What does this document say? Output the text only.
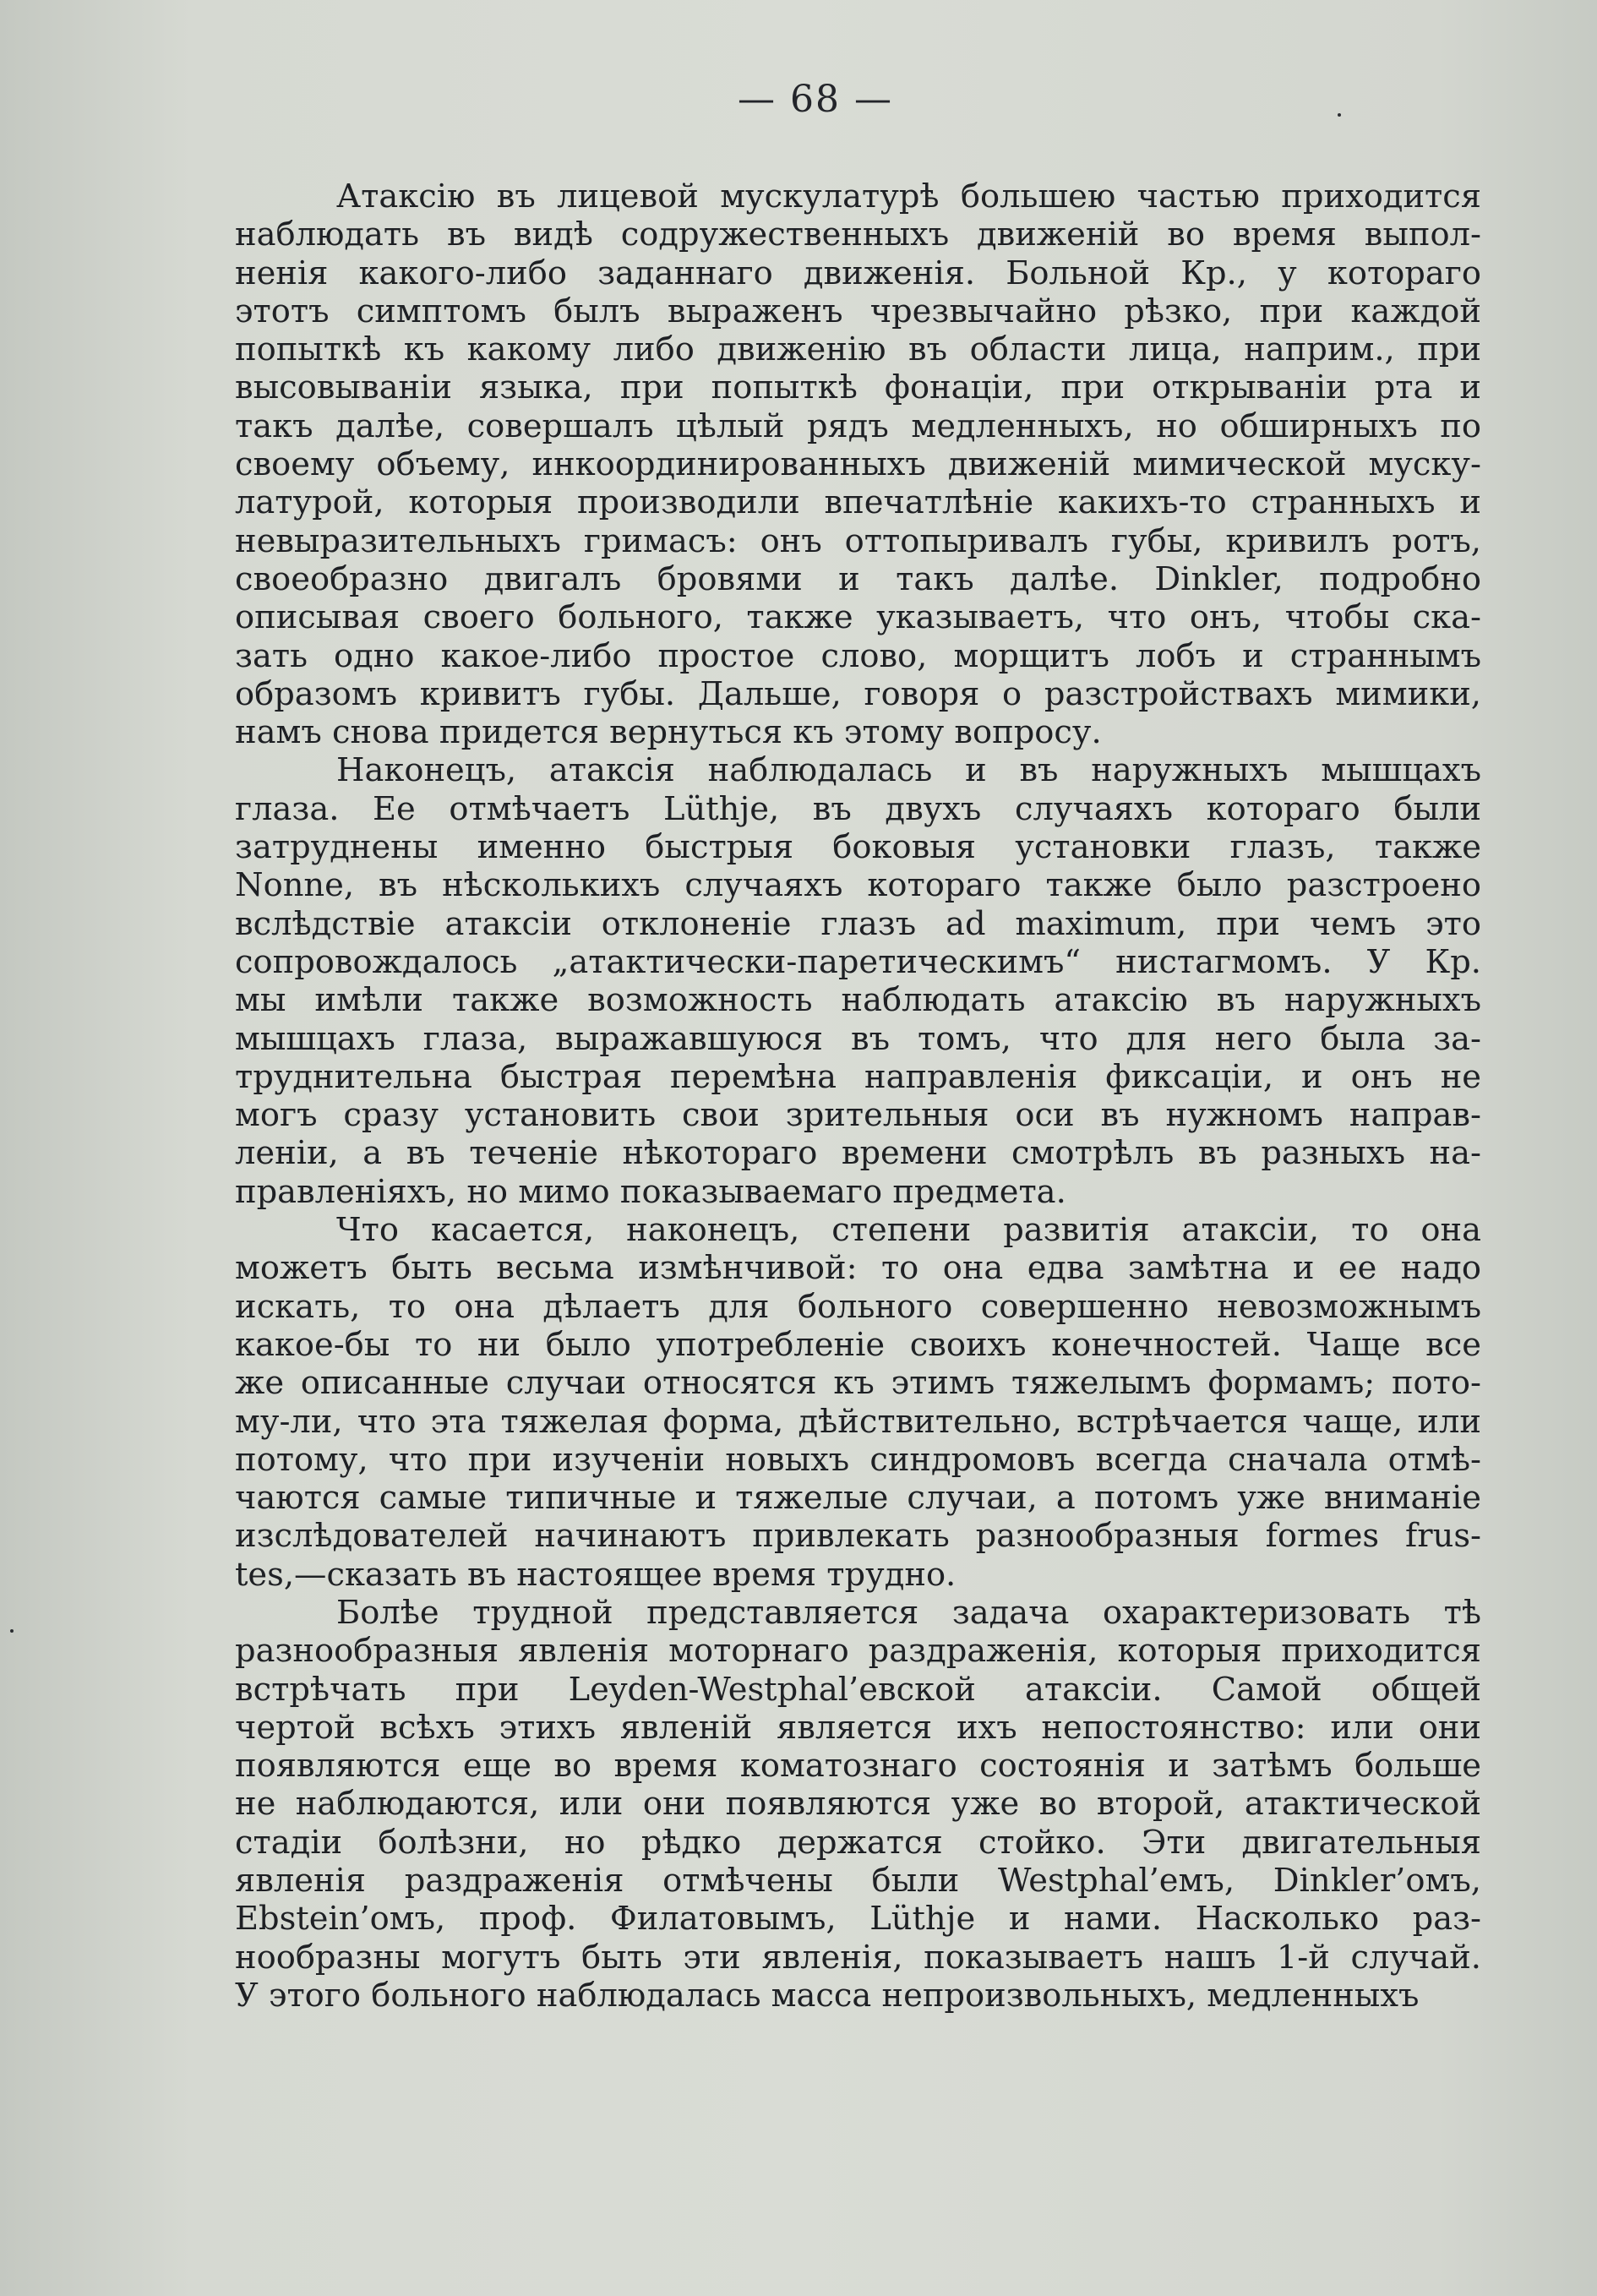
— 68 —
Атаксiю въ лицевой мускулатурѣ большею частью приходится
наблюдать въ видѣ содружественныхъ движенiй во время выпол-
ненiя какого-либо заданнаго движенiя. Больной Кр., у котораго
этотъ симптомъ былъ выраженъ чрезвычайно рѣзко, при каждой
попыткѣ къ какому либо движенiю въ области лица, наприм., при
высовыванiи языка, при попыткѣ фонацiи, при открыванiи рта и
такъ далѣе, совершалъ цѣлый рядъ медленныхъ, но обширныхъ по
своему объему, инкоординированныхъ движенiй мимической муску-
латурой, которыя производили впечатлѣнiе какихъ-то странныхъ и
невыразительныхъ гримасъ: онъ оттопыривалъ губы, кривилъ ротъ,
своеобразно двигалъ бровями и такъ далѣе. Dinkler, подробно
описывая своего больного, также указываетъ, что онъ, чтобы ска-
зать одно какое-либо простое слово, морщитъ лобъ и страннымъ
образомъ кривитъ губы. Дальше, говоря о разстройствахъ мимики,
намъ снова придется вернуться къ этому вопросу.
Наконецъ, атаксiя наблюдалась и въ наружныхъ мышцахъ
глаза. Ее отмѣчаетъ Lüthje, въ двухъ случаяхъ котораго были
затруднены именно быстрыя боковыя установки глазъ, также
Nonne, въ нѣсколькихъ случаяхъ котораго также было разстроено
вслѣдствiе атаксiи отклоненiе глазъ ad maximum, при чемъ это
сопровождалось „атактически-паретическимъ“ нистагмомъ. У Кр.
мы имѣли также возможность наблюдать атаксiю въ наружныхъ
мышцахъ глаза, выражавшуюся въ томъ, что для него была за-
труднительна быстрая перемѣна направленiя фиксацiи, и онъ не
могъ сразу установить свои зрительныя оси въ нужномъ направ-
ленiи, а въ теченiе нѣкотораго времени смотрѣлъ въ разныхъ на-
правленiяхъ, но мимо показываемаго предмета.
Что касается, наконецъ, степени развитiя атаксiи, то она
можетъ быть весьма измѣнчивой: то она едва замѣтна и ее надо
искать, то она дѣлаетъ для больного совершенно невозможнымъ
какое-бы то ни было употребленiе своихъ конечностей. Чаще все
же описанные случаи относятся къ этимъ тяжелымъ формамъ; пото-
му-ли, что эта тяжелая форма, дѣйствительно, встрѣчается чаще, или
потому, что при изученiи новыхъ синдромовъ всегда сначала отмѣ-
чаются самые типичные и тяжелые случаи, а потомъ уже вниманiе
изслѣдователей начинаютъ привлекать разнообразныя formes frus-
tes,—сказать въ настоящее время трудно.
Болѣе трудной представляется задача охарактеризовать тѣ
разнообразныя явленiя моторнаго раздраженiя, которыя приходится
встрѣчать при Leyden-Westphal’евской атаксiи. Самой общей
чертой всѣхъ этихъ явленiй является ихъ непостоянство: или они
появляются еще во время коматознаго состоянiя и затѣмъ больше
не наблюдаются, или они появляются уже во второй, атактической
стадiи болѣзни, но рѣдко держатся стойко. Эти двигательныя
явленiя раздраженiя отмѣчены были Westphal’емъ, Dinkler’омъ,
Ebstein’омъ, проф. Филатовымъ, Lüthje и нами. Насколько раз-
нообразны могутъ быть эти явленiя, показываетъ нашъ 1-й случай.
У этого больного наблюдалась масса непроизвольныхъ, медленныхъ
